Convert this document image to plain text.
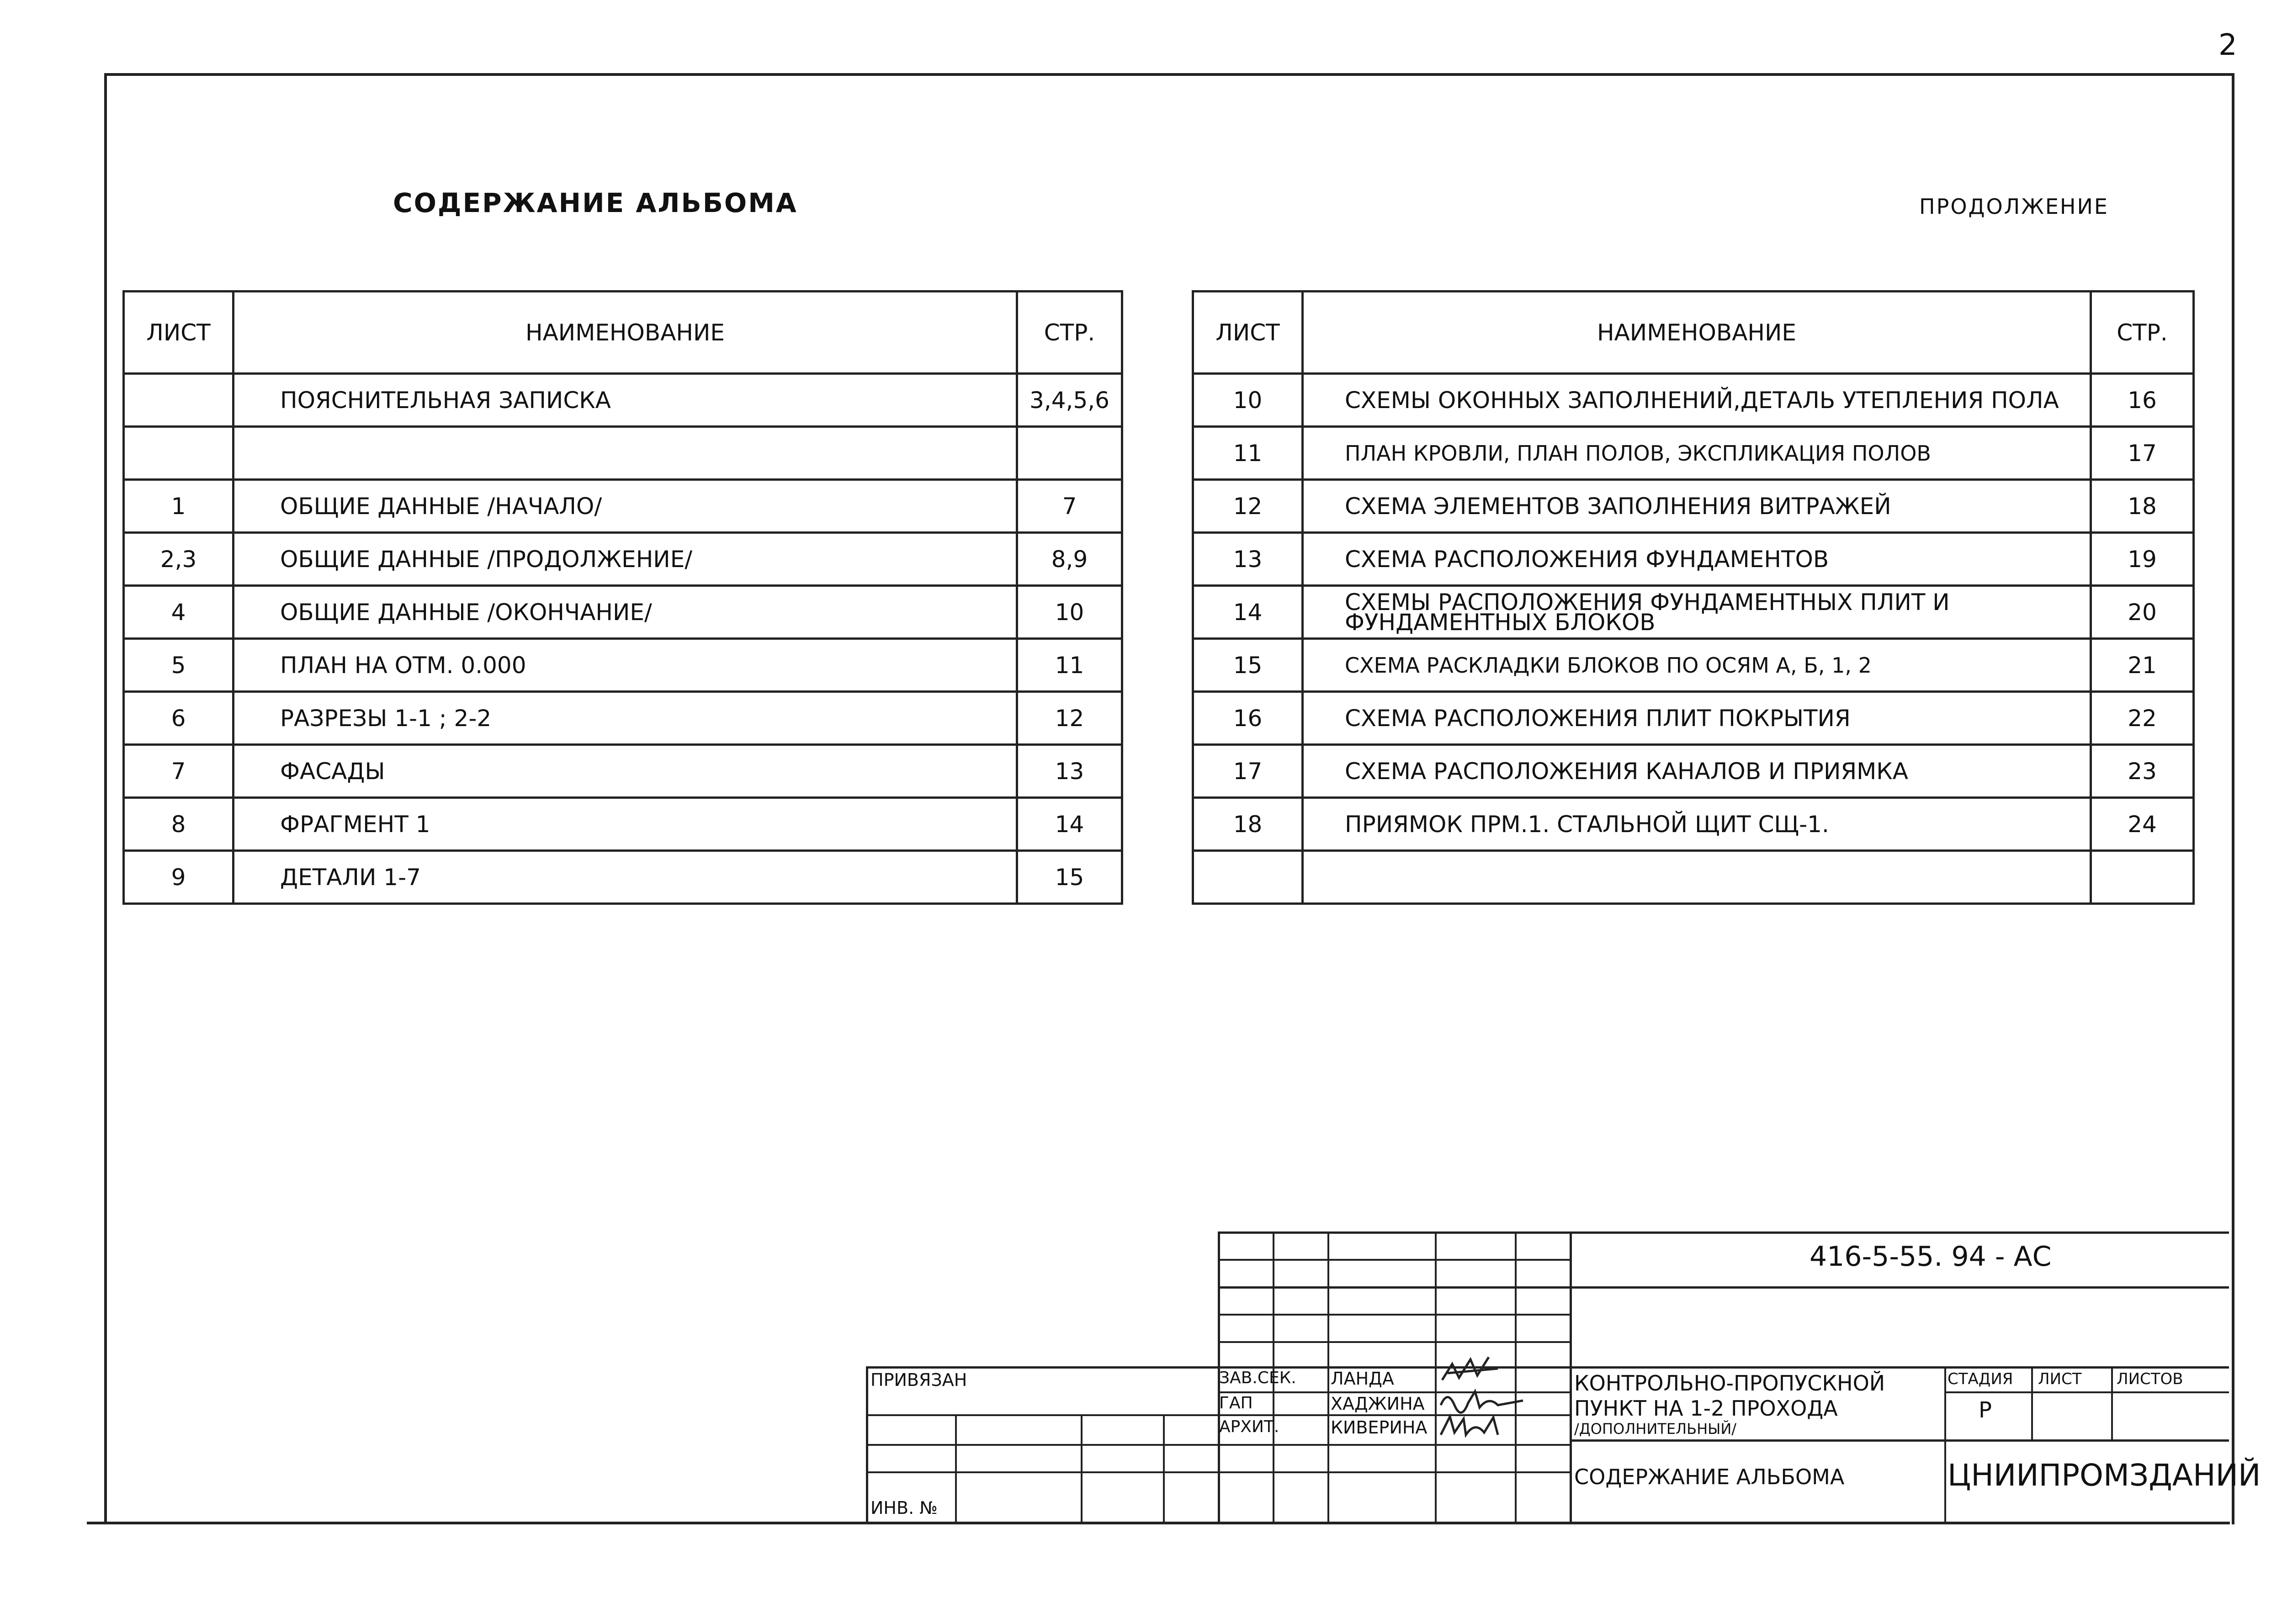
2
СОДЕРЖАНИЕ АЛЬБОМА	ПРОДОЛЖЕНИЕ
ЛИСТ	НАИМЕНОВАНИЕ	СТР.
	ПОЯСНИТЕЛЬНАЯ ЗАПИСКА	3,4,5,6

1	ОБЩИЕ ДАННЫЕ /НАЧАЛО/	7
2,3	ОБЩИЕ ДАННЫЕ /ПРОДОЛЖЕНИЕ/	8,9
4	ОБЩИЕ ДАННЫЕ /ОКОНЧАНИЕ/	10
5	ПЛАН НА ОТМ. 0.000	11
6	РАЗРЕЗЫ 1-1 ; 2-2	12
7	ФАСАДЫ	13
8	ФРАГМЕНТ 1	14
9	ДЕТАЛИ 1-7	15
ЛИСТ	НАИМЕНОВАНИЕ	СТР.
10	СХЕМЫ ОКОННЫХ ЗАПОЛНЕНИЙ,ДЕТАЛЬ УТЕПЛЕНИЯ ПОЛА	16
11	ПЛАН КРОВЛИ, ПЛАН ПОЛОВ, ЭКСПЛИКАЦИЯ ПОЛОВ	17
12	СХЕМА ЭЛЕМЕНТОВ ЗАПОЛНЕНИЯ ВИТРАЖЕЙ	18
13	СХЕМА РАСПОЛОЖЕНИЯ ФУНДАМЕНТОВ	19
14	СХЕМЫ РАСПОЛОЖЕНИЯ ФУНДАМЕНТНЫХ ПЛИТ И ФУНДАМЕНТНЫХ БЛОКОВ	20
15	СХЕМА РАСКЛАДКИ БЛОКОВ ПО ОСЯМ А, Б, 1, 2	21
16	СХЕМА РАСПОЛОЖЕНИЯ ПЛИТ ПОКРЫТИЯ	22
17	СХЕМА РАСПОЛОЖЕНИЯ КАНАЛОВ И ПРИЯМКА	23
18	ПРИЯМОК ПРМ.1. СТАЛЬНОЙ ЩИТ СЩ-1.	24

416-5-55. 94 - АС
ПРИВЯЗАН
ИНВ. №
ЗАВ.СЕК. ЛАНДА
ГАП	ХАДЖИНА
АРХИТ.	КИВЕРИНА
КОНТРОЛЬНО-ПРОПУСКНОЙ
ПУНКТ НА 1-2 ПРОХОДА
/ДОПОЛНИТЕЛЬНЫЙ/
СОДЕРЖАНИЕ АЛЬБОМА
СТАДИЯ ЛИСТ ЛИСТОВ
Р
ЦНИИПРОМЗДАНИЙ
